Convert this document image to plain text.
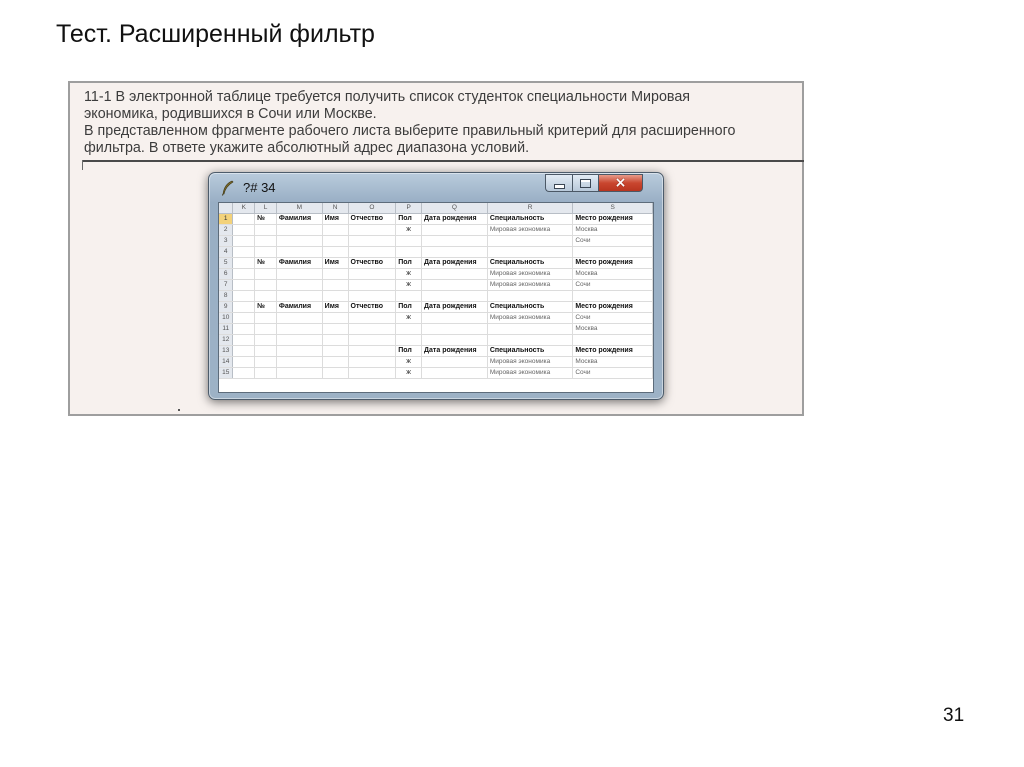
Тест. Расширенный фильтр
11-1 В электронной таблице требуется получить список студенток специальности Мировая
экономика, родившихся в Сочи или Москве.
В представленном фрагменте рабочего листа выберите правильный критерий для расширенного
фильтра. В ответе укажите абсолютный адрес диапазона условий.
?# 34	×
	K	L	M	N	O	P	Q	R	S
1		№	Фамилия	Имя	Отчество	Пол	Дата рождения	Специальность	Место рождения
2						ж		Мировая экономика	Москва
3									Сочи
4									
5		№	Фамилия	Имя	Отчество	Пол	Дата рождения	Специальность	Место рождения
6						ж		Мировая экономика	Москва
7						ж		Мировая экономика	Сочи
8									
9		№	Фамилия	Имя	Отчество	Пол	Дата рождения	Специальность	Место рождения
10						ж		Мировая экономика	Сочи
11									Москва
12									
13						Пол	Дата рождения	Специальность	Место рождения
14						ж		Мировая экономика	Москва
15						ж		Мировая экономика	Сочи
31
